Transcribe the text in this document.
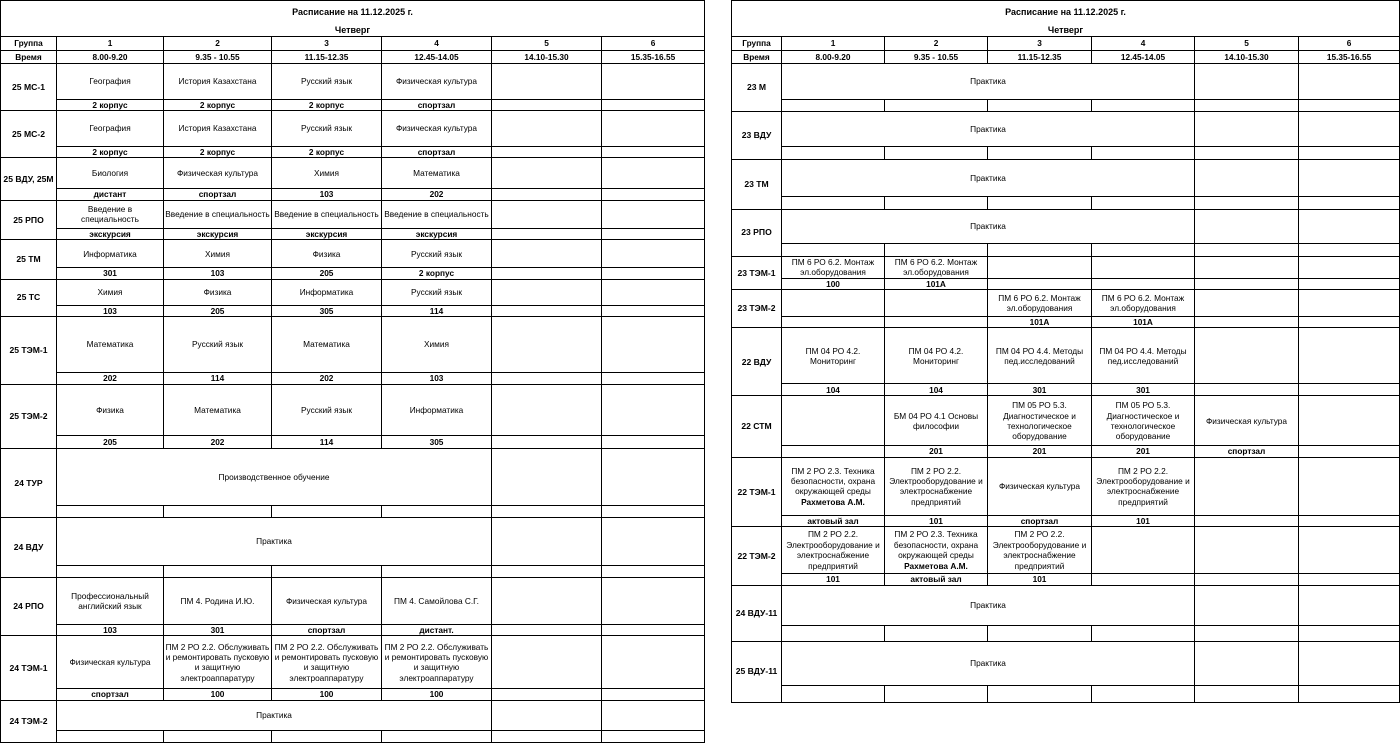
Расписание на 11.12.2025 г.						
Четверг						
Группа	1	2	3	4	5	6
Время	8.00-9.20	9.35 - 10.55	11.15-12.35	12.45-14.05	14.10-15.30	15.35-16.55
25 МС-1	География	История Казахстана	Русский язык	Физическая культура		

	2 корпус	2 корпус	2 корпус	спортзал		
25 МС-2	География	История Казахстана	Русский язык	Физическая культура		

	2 корпус	2 корпус	2 корпус	спортзал		
25 ВДУ, 25М	Биология	Физическая культура	Химия	Математика		

	дистант	спортзал	103	202		
25 РПО	Введение в специальность	Введение в специальность	Введение в специальность	Введение в специальность		

	экскурсия	экскурсия	экскурсия	экскурсия		
25 ТМ	Информатика	Химия	Физика	Русский язык		

	301	103	205	2 корпус		
25 ТС	Химия	Физика	Информатика	Русский язык		

	103	205	305	114		
25 ТЭМ-1	Математика	Русский язык	Математика	Химия		

	202	114	202	103		
25 ТЭМ-2	Физика	Математика	Русский язык	Информатика		

	205	202	114	305		
24 ТУР	Производственное обучение					

24 ВДУ	Практика					

24 РПО	Профессиональный английский язык	ПМ 4. Родина И.Ю.	Физическая культура	ПМ 4. Самойлова С.Г.		

	103	301	спортзал	дистант.		
24 ТЭМ-1	Физическая культура	ПМ 2 РО 2.2. Обслуживать и ремонтировать пусковую и защитную электроаппаратуру	ПМ 2 РО 2.2. Обслуживать и ремонтировать пусковую и защитную электроаппаратуру	ПМ 2 РО 2.2. Обслуживать и ремонтировать пусковую и защитную электроаппаратуру		

	спортзал	100	100	100		
24 ТЭМ-2	Практика					

Расписание на 11.12.2025 г.						
Четверг						
Группа	1	2	3	4	5	6
Время	8.00-9.20	9.35 - 10.55	11.15-12.35	12.45-14.05	14.10-15.30	15.35-16.55
23 М	Практика					

23 ВДУ	Практика					

23 ТМ	Практика					

23 РПО	Практика					

23 ТЭМ-1	ПМ 6 РО 6.2. Монтаж эл.оборудования	ПМ 6 РО 6.2. Монтаж эл.оборудования				

	100	101А				
23 ТЭМ-2			ПМ 6 РО 6.2. Монтаж эл.оборудования	ПМ 6 РО 6.2. Монтаж эл.оборудования		

			101А	101А		
22 ВДУ	ПМ 04 РО 4.2. Мониторинг	ПМ 04 РО 4.2. Мониторинг	ПМ 04 РО 4.4. Методы пед.исследований	ПМ 04 РО 4.4. Методы пед.исследований		

	104	104	301	301		
22 СТМ		БМ 04 РО 4.1 Основы философии	ПМ 05 РО 5.3. Диагностическое и технологическое оборудование	ПМ 05 РО 5.3. Диагностическое и технологическое оборудование	Физическая культура	

		201	201	201	спортзал	
22 ТЭМ-1	ПМ 2 РО 2.3. Техника безопасности, охрана окружающей среды
Рахметова А.М.	ПМ 2 РО 2.2. Электрооборудование и электроснабжение предприятий	Физическая культура	ПМ 2 РО 2.2. Электрооборудование и электроснабжение предприятий		

	актовый зал	101	спортзал	101		
22 ТЭМ-2	ПМ 2 РО 2.2. Электрооборудование и электроснабжение предприятий	ПМ 2 РО 2.3. Техника безопасности, охрана окружающей среды
Рахметова А.М.	ПМ 2 РО 2.2. Электрооборудование и электроснабжение предприятий			

	101	актовый зал	101			
24 ВДУ-11	Практика					

25 ВДУ-11	Практика					
